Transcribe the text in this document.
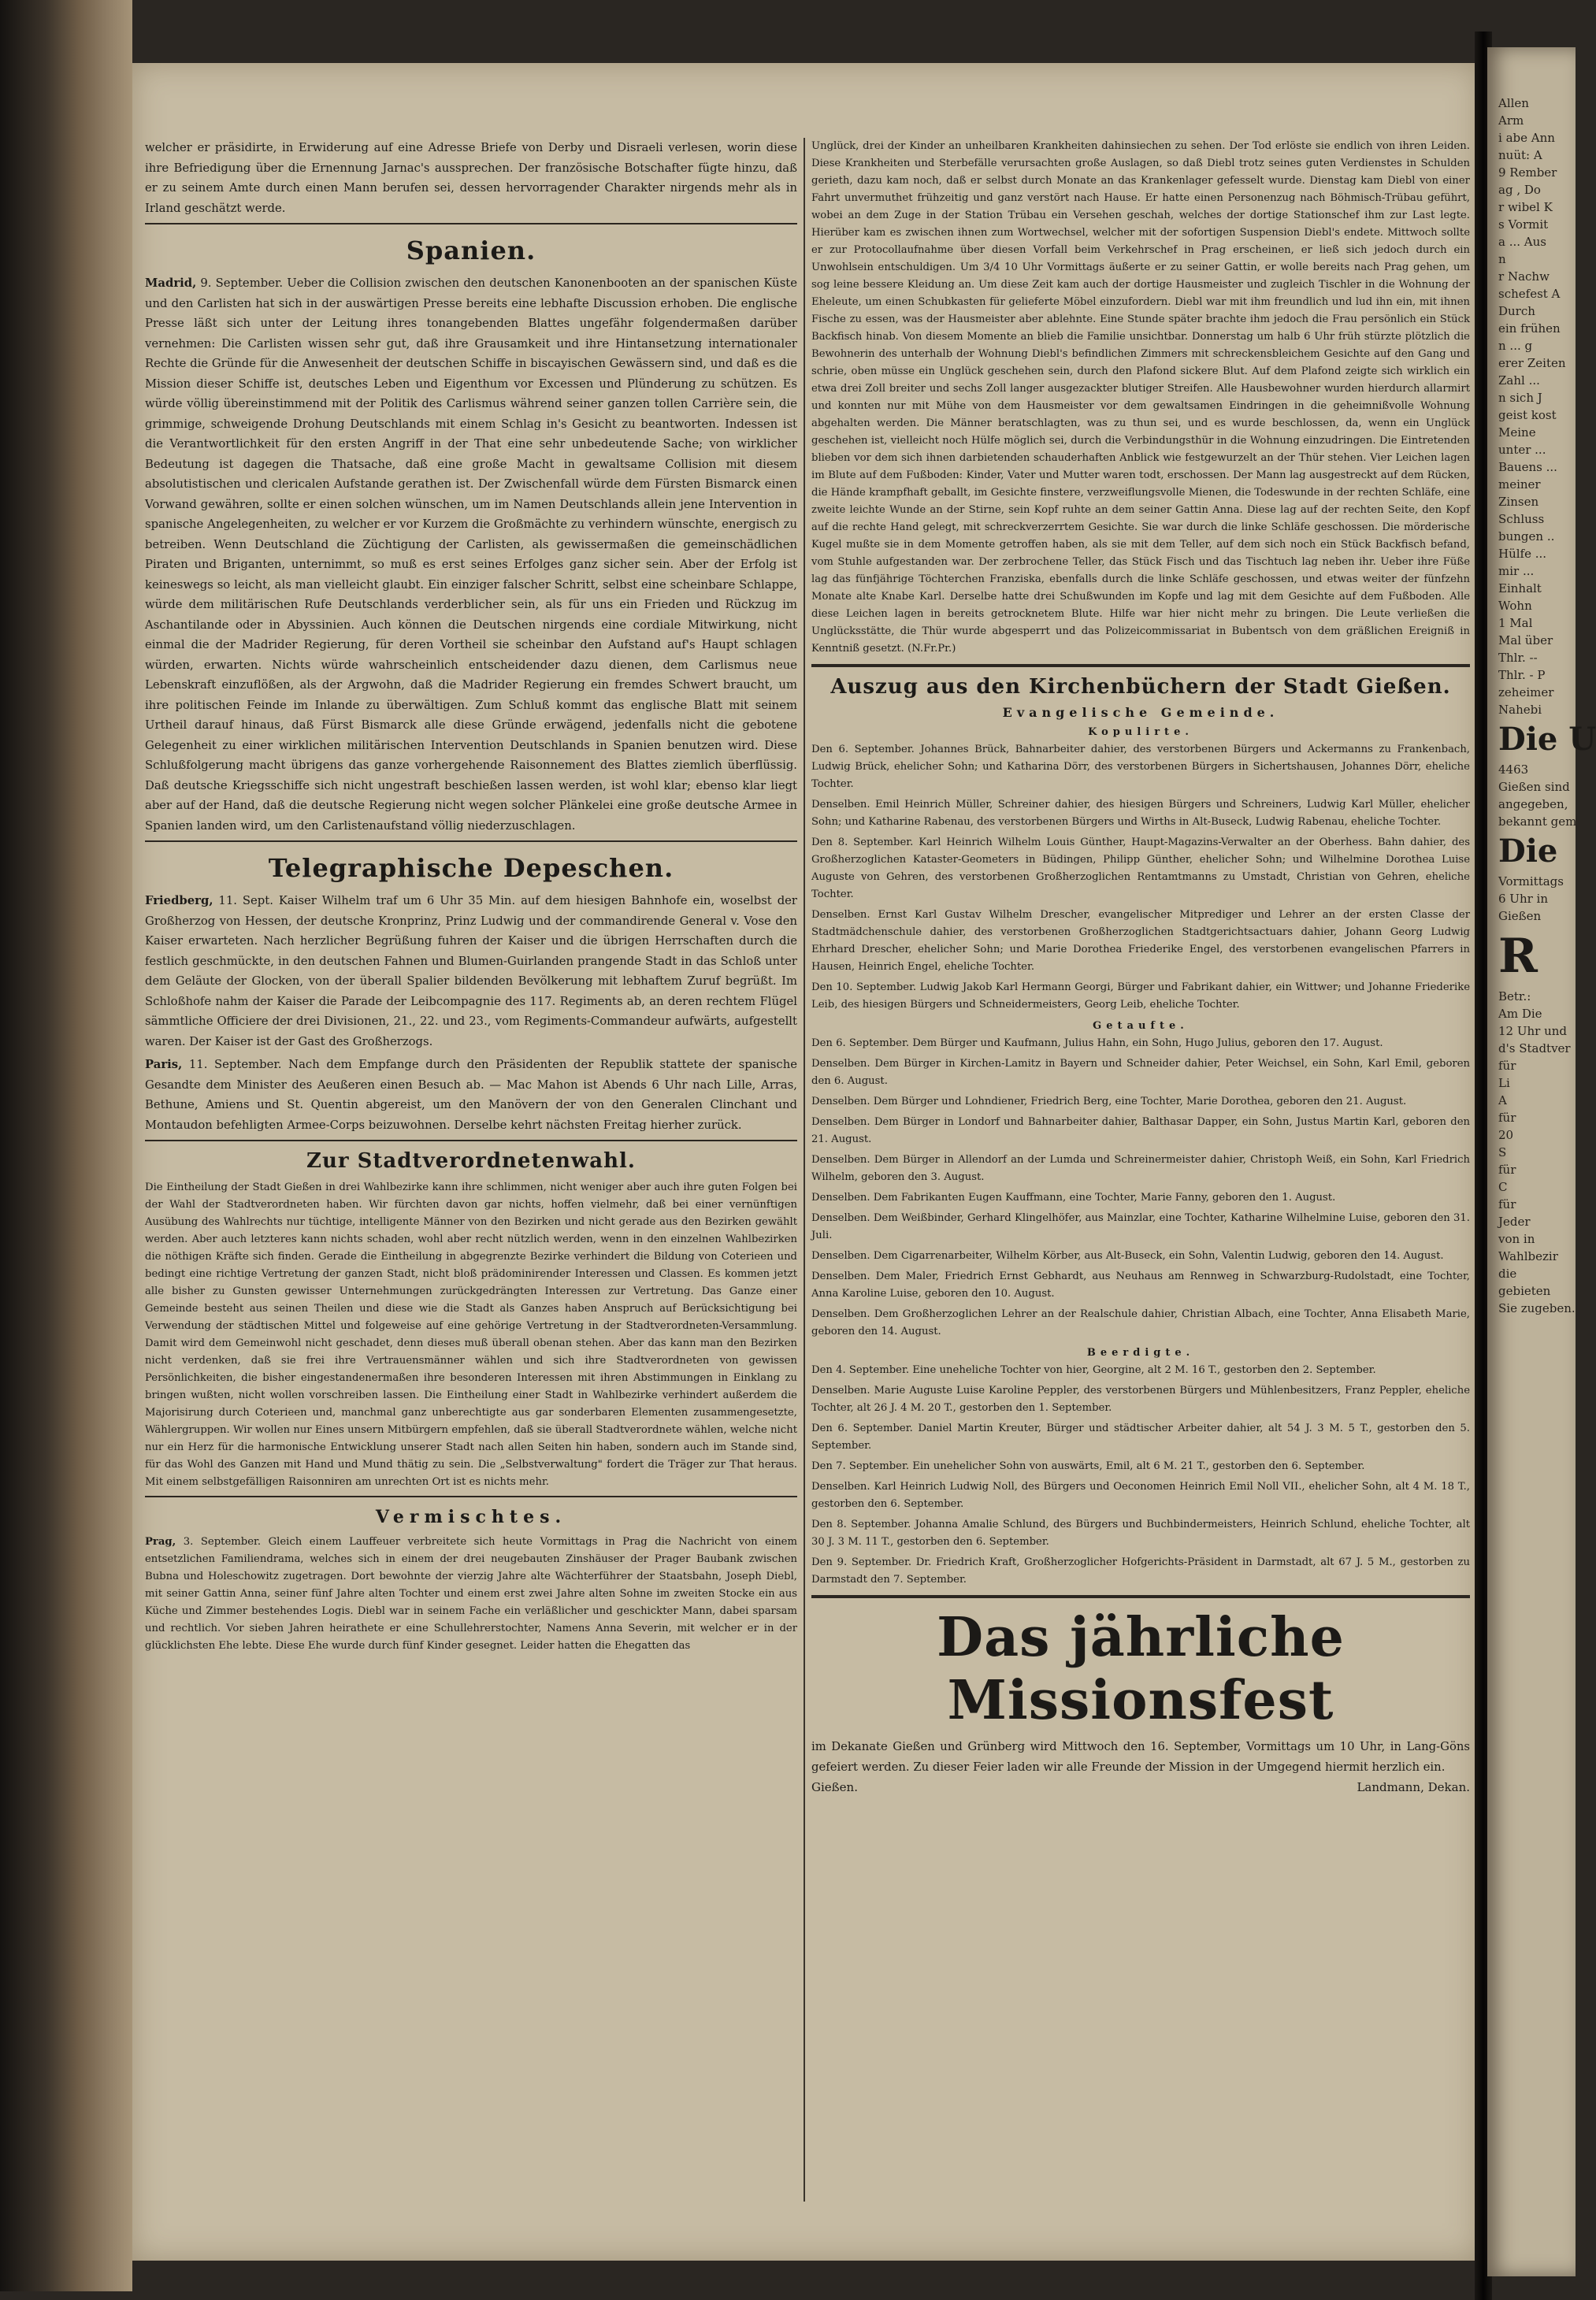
welcher er präsidirte, in Erwiderung auf eine Adresse Briefe von Derby und Disraeli verlesen, worin diese ihre Befriedigung über die Ernennung Jarnac's aussprechen. Der französische Botschafter fügte hinzu, daß er zu seinem Amte durch einen Mann berufen sei, dessen hervorragender Charakter nirgends mehr als in Irland geschätzt werde.

Spanien.

Madrid, 9. September. Ueber die Collision zwischen den deutschen Kanonenbooten an der spanischen Küste und den Carlisten hat sich in der auswärtigen Presse bereits eine lebhafte Discussion erhoben. Die englische Presse läßt sich unter der Leitung ihres tonangebenden Blattes ungefähr folgendermaßen darüber vernehmen: Die Carlisten wissen sehr gut, daß ihre Grausamkeit und ihre Hintansetzung internationaler Rechte die Gründe für die Anwesenheit der deutschen Schiffe in biscayischen Gewässern sind, und daß es die Mission dieser Schiffe ist, deutsches Leben und Eigenthum vor Excessen und Plünderung zu schützen. Es würde völlig übereinstimmend mit der Politik des Carlismus während seiner ganzen tollen Carrière sein, die grimmige, schweigende Drohung Deutschlands mit einem Schlag in's Gesicht zu beantworten. Indessen ist die Verantwortlichkeit für den ersten Angriff in der That eine sehr unbedeutende Sache; von wirklicher Bedeutung ist dagegen die Thatsache, daß eine große Macht in gewaltsame Collision mit diesem absolutistischen und clericalen Aufstande gerathen ist. Der Zwischenfall würde dem Fürsten Bismarck einen Vorwand gewähren, sollte er einen solchen wünschen, um im Namen Deutschlands allein jene Intervention in spanische Angelegenheiten, zu welcher er vor Kurzem die Großmächte zu verhindern wünschte, energisch zu betreiben. Wenn Deutschland die Züchtigung der Carlisten, als gewissermaßen die gemeinschädlichen Piraten und Briganten, unternimmt, so muß es erst seines Erfolges ganz sicher sein. Aber der Erfolg ist keineswegs so leicht, als man vielleicht glaubt. Ein einziger falscher Schritt, selbst eine scheinbare Schlappe, würde dem militärischen Rufe Deutschlands verderblicher sein, als für uns ein Frieden und Rückzug im Aschantilande oder in Abyssinien. Auch können die Deutschen nirgends eine cordiale Mitwirkung, nicht einmal die der Madrider Regierung, für deren Vortheil sie scheinbar den Aufstand auf's Haupt schlagen würden, erwarten. Nichts würde wahrscheinlich entscheidender dazu dienen, dem Carlismus neue Lebenskraft einzuflößen, als der Argwohn, daß die Madrider Regierung ein fremdes Schwert braucht, um ihre politischen Feinde im Inlande zu überwältigen. Zum Schluß kommt das englische Blatt mit seinem Urtheil darauf hinaus, daß Fürst Bismarck alle diese Gründe erwägend, jedenfalls nicht die gebotene Gelegenheit zu einer wirklichen militärischen Intervention Deutschlands in Spanien benutzen wird. Diese Schlußfolgerung macht übrigens das ganze vorhergehende Raisonnement des Blattes ziemlich überflüssig. Daß deutsche Kriegsschiffe sich nicht ungestraft beschießen lassen werden, ist wohl klar; ebenso klar liegt aber auf der Hand, daß die deutsche Regierung nicht wegen solcher Plänkelei eine große deutsche Armee in Spanien landen wird, um den Carlistenaufstand völlig niederzuschlagen.

Telegraphische Depeschen.

Friedberg, 11. Sept. Kaiser Wilhelm traf um 6 Uhr 35 Min. auf dem hiesigen Bahnhofe ein, woselbst der Großherzog von Hessen, der deutsche Kronprinz, Prinz Ludwig und der commandirende General v. Vose den Kaiser erwarteten. Nach herzlicher Begrüßung fuhren der Kaiser und die übrigen Herrschaften durch die festlich geschmückte, in den deutschen Fahnen und Blumen-Guirlanden prangende Stadt in das Schloß unter dem Geläute der Glocken, von der überall Spalier bildenden Bevölkerung mit lebhaftem Zuruf begrüßt. Im Schloßhofe nahm der Kaiser die Parade der Leibcompagnie des 117. Regiments ab, an deren rechtem Flügel sämmtliche Officiere der drei Divisionen, 21., 22. und 23., vom Regiments-Commandeur aufwärts, aufgestellt waren. Der Kaiser ist der Gast des Großherzogs.

Paris, 11. September. Nach dem Empfange durch den Präsidenten der Republik stattete der spanische Gesandte dem Minister des Aeußeren einen Besuch ab. — Mac Mahon ist Abends 6 Uhr nach Lille, Arras, Bethune, Amiens und St. Quentin abgereist, um den Manövern der von den Generalen Clinchant und Montaudon befehligten Armee-Corps beizuwohnen. Derselbe kehrt nächsten Freitag hierher zurück.

Zur Stadtverordnetenwahl.

Die Eintheilung der Stadt Gießen in drei Wahlbezirke kann ihre schlimmen, nicht weniger aber auch ihre guten Folgen bei der Wahl der Stadtverordneten haben. Wir fürchten davon gar nichts, hoffen vielmehr, daß bei einer vernünftigen Ausübung des Wahlrechts nur tüchtige, intelligente Männer von den Bezirken und nicht gerade aus den Bezirken gewählt werden. Aber auch letzteres kann nichts schaden, wohl aber recht nützlich werden, wenn in den einzelnen Wahlbezirken die nöthigen Kräfte sich finden. Gerade die Eintheilung in abgegrenzte Bezirke verhindert die Bildung von Coterieen und bedingt eine richtige Vertretung der ganzen Stadt, nicht bloß prädominirender Interessen und Classen. Es kommen jetzt alle bisher zu Gunsten gewisser Unternehmungen zurückgedrängten Interessen zur Vertretung. Das Ganze einer Gemeinde besteht aus seinen Theilen und diese wie die Stadt als Ganzes haben Anspruch auf Berücksichtigung bei Verwendung der städtischen Mittel und folgeweise auf eine gehörige Vertretung in der Stadtverordneten-Versammlung. Damit wird dem Gemeinwohl nicht geschadet, denn dieses muß überall obenan stehen. Aber das kann man den Bezirken nicht verdenken, daß sie frei ihre Vertrauensmänner wählen und sich ihre Stadtverordneten von gewissen Persönlichkeiten, die bisher eingestandenermaßen ihre besonderen Interessen mit ihren Abstimmungen in Einklang zu bringen wußten, nicht wollen vorschreiben lassen. Die Eintheilung einer Stadt in Wahlbezirke verhindert außerdem die Majorisirung durch Coterieen und, manchmal ganz unberechtigte aus gar sonderbaren Elementen zusammengesetzte, Wählergruppen. Wir wollen nur Eines unsern Mitbürgern empfehlen, daß sie überall Stadtverordnete wählen, welche nicht nur ein Herz für die harmonische Entwicklung unserer Stadt nach allen Seiten hin haben, sondern auch im Stande sind, für das Wohl des Ganzen mit Hand und Mund thätig zu sein. Die „Selbstverwaltung" fordert die Träger zur That heraus. Mit einem selbstgefälligen Raisonniren am unrechten Ort ist es nichts mehr.

Vermischtes.

Prag, 3. September. Gleich einem Lauffeuer verbreitete sich heute Vormittags in Prag die Nachricht von einem entsetzlichen Familiendrama, welches sich in einem der drei neugebauten Zinshäuser der Prager Baubank zwischen Bubna und Holeschowitz zugetragen. Dort bewohnte der vierzig Jahre alte Wächterführer der Staatsbahn, Joseph Diebl, mit seiner Gattin Anna, seiner fünf Jahre alten Tochter und einem erst zwei Jahre alten Sohne im zweiten Stocke ein aus Küche und Zimmer bestehendes Logis. Diebl war in seinem Fache ein verläßlicher und geschickter Mann, dabei sparsam und rechtlich. Vor sieben Jahren heirathete er eine Schullehrerstochter, Namens Anna Severin, mit welcher er in der glücklichsten Ehe lebte. Diese Ehe wurde durch fünf Kinder gesegnet. Leider hatten die Ehegatten das

Unglück, drei der Kinder an unheilbaren Krankheiten dahinsiechen zu sehen. Der Tod erlöste sie endlich von ihren Leiden. Diese Krankheiten und Sterbefälle verursachten große Auslagen, so daß Diebl trotz seines guten Verdienstes in Schulden gerieth, dazu kam noch, daß er selbst durch Monate an das Krankenlager gefesselt wurde. Dienstag kam Diebl von einer Fahrt unvermuthet frühzeitig und ganz verstört nach Hause. Er hatte einen Personenzug nach Böhmisch-Trübau geführt, wobei an dem Zuge in der Station Trübau ein Versehen geschah, welches der dortige Stationschef ihm zur Last legte. Hierüber kam es zwischen ihnen zum Wortwechsel, welcher mit der sofortigen Suspension Diebl's endete. Mittwoch sollte er zur Protocollaufnahme über diesen Vorfall beim Verkehrschef in Prag erscheinen, er ließ sich jedoch durch ein Unwohlsein entschuldigen. Um 3/4 10 Uhr Vormittags äußerte er zu seiner Gattin, er wolle bereits nach Prag gehen, um sog leine bessere Kleidung an. Um diese Zeit kam auch der dortige Hausmeister und zugleich Tischler in die Wohnung der Eheleute, um einen Schubkasten für gelieferte Möbel einzufordern. Diebl war mit ihm freundlich und lud ihn ein, mit ihnen Fische zu essen, was der Hausmeister aber ablehnte. Eine Stunde später brachte ihm jedoch die Frau persönlich ein Stück Backfisch hinab. Von diesem Momente an blieb die Familie unsichtbar. Donnerstag um halb 6 Uhr früh stürzte plötzlich die Bewohnerin des unterhalb der Wohnung Diebl's befindlichen Zimmers mit schreckensbleichem Gesichte auf den Gang und schrie, oben müsse ein Unglück geschehen sein, durch den Plafond sickere Blut. Auf dem Plafond zeigte sich wirklich ein etwa drei Zoll breiter und sechs Zoll langer ausgezackter blutiger Streifen. Alle Hausbewohner wurden hierdurch allarmirt und konnten nur mit Mühe von dem Hausmeister vor dem gewaltsamen Eindringen in die geheimnißvolle Wohnung abgehalten werden. Die Männer beratschlagten, was zu thun sei, und es wurde beschlossen, da, wenn ein Unglück geschehen ist, vielleicht noch Hülfe möglich sei, durch die Verbindungsthür in die Wohnung einzudringen. Die Eintretenden blieben vor dem sich ihnen darbietenden schauderhaften Anblick wie festgewurzelt an der Thür stehen. Vier Leichen lagen im Blute auf dem Fußboden: Kinder, Vater und Mutter waren todt, erschossen. Der Mann lag ausgestreckt auf dem Rücken, die Hände krampfhaft geballt, im Gesichte finstere, verzweiflungsvolle Mienen, die Todeswunde in der rechten Schläfe, eine zweite leichte Wunde an der Stirne, sein Kopf ruhte an dem seiner Gattin Anna. Diese lag auf der rechten Seite, den Kopf auf die rechte Hand gelegt, mit schreckverzerrtem Gesichte. Sie war durch die linke Schläfe geschossen. Die mörderische Kugel mußte sie in dem Momente getroffen haben, als sie mit dem Teller, auf dem sich noch ein Stück Backfisch befand, vom Stuhle aufgestanden war. Der zerbrochene Teller, das Stück Fisch und das Tischtuch lag neben ihr. Ueber ihre Füße lag das fünfjährige Töchterchen Franziska, ebenfalls durch die linke Schläfe geschossen, und etwas weiter der fünfzehn Monate alte Knabe Karl. Derselbe hatte drei Schußwunden im Kopfe und lag mit dem Gesichte auf dem Fußboden. Alle diese Leichen lagen in bereits getrocknetem Blute. Hilfe war hier nicht mehr zu bringen. Die Leute verließen die Unglücksstätte, die Thür wurde abgesperrt und das Polizeicommissariat in Bubentsch von dem gräßlichen Ereigniß in Kenntniß gesetzt. (N.Fr.Pr.)

Auszug aus den Kirchenbüchern der Stadt Gießen.
Evangelische Gemeinde.
Kopulirte.

Den 6. September. Johannes Brück, Bahnarbeiter dahier, des verstorbenen Bürgers und Ackermanns zu Frankenbach, Ludwig Brück, ehelicher Sohn; und Katharina Dörr, des verstorbenen Bürgers in Sichertshausen, Johannes Dörr, eheliche Tochter.

Denselben. Emil Heinrich Müller, Schreiner dahier, des hiesigen Bürgers und Schreiners, Ludwig Karl Müller, ehelicher Sohn; und Katharine Rabenau, des verstorbenen Bürgers und Wirths in Alt-Buseck, Ludwig Rabenau, eheliche Tochter.

Den 8. September. Karl Heinrich Wilhelm Louis Günther, Haupt-Magazins-Verwalter an der Oberhess. Bahn dahier, des Großherzoglichen Kataster-Geometers in Büdingen, Philipp Günther, ehelicher Sohn; und Wilhelmine Dorothea Luise Auguste von Gehren, des verstorbenen Großherzoglichen Rentamtmanns zu Umstadt, Christian von Gehren, eheliche Tochter.

Denselben. Ernst Karl Gustav Wilhelm Drescher, evangelischer Mitprediger und Lehrer an der ersten Classe der Stadtmädchenschule dahier, des verstorbenen Großherzoglichen Stadtgerichtsactuars dahier, Johann Georg Ludwig Ehrhard Drescher, ehelicher Sohn; und Marie Dorothea Friederike Engel, des verstorbenen evangelischen Pfarrers in Hausen, Heinrich Engel, eheliche Tochter.

Den 10. September. Ludwig Jakob Karl Hermann Georgi, Bürger und Fabrikant dahier, ein Wittwer; und Johanne Friederike Leib, des hiesigen Bürgers und Schneidermeisters, Georg Leib, eheliche Tochter.

Getaufte.

Den 6. September. Dem Bürger und Kaufmann, Julius Hahn, ein Sohn, Hugo Julius, geboren den 17. August.

Denselben. Dem Bürger in Kirchen-Lamitz in Bayern und Schneider dahier, Peter Weichsel, ein Sohn, Karl Emil, geboren den 6. August.

Denselben. Dem Bürger und Lohndiener, Friedrich Berg, eine Tochter, Marie Dorothea, geboren den 21. August.

Denselben. Dem Bürger in Londorf und Bahnarbeiter dahier, Balthasar Dapper, ein Sohn, Justus Martin Karl, geboren den 21. August.

Denselben. Dem Bürger in Allendorf an der Lumda und Schreinermeister dahier, Christoph Weiß, ein Sohn, Karl Friedrich Wilhelm, geboren den 3. August.

Denselben. Dem Fabrikanten Eugen Kauffmann, eine Tochter, Marie Fanny, geboren den 1. August.

Denselben. Dem Weißbinder, Gerhard Klingelhöfer, aus Mainzlar, eine Tochter, Katharine Wilhelmine Luise, geboren den 31. Juli.

Denselben. Dem Cigarrenarbeiter, Wilhelm Körber, aus Alt-Buseck, ein Sohn, Valentin Ludwig, geboren den 14. August.

Denselben. Dem Maler, Friedrich Ernst Gebhardt, aus Neuhaus am Rennweg in Schwarzburg-Rudolstadt, eine Tochter, Anna Karoline Luise, geboren den 10. August.

Denselben. Dem Großherzoglichen Lehrer an der Realschule dahier, Christian Albach, eine Tochter, Anna Elisabeth Marie, geboren den 14. August.

Beerdigte.

Den 4. September. Eine uneheliche Tochter von hier, Georgine, alt 2 M. 16 T., gestorben den 2. September.

Denselben. Marie Auguste Luise Karoline Peppler, des verstorbenen Bürgers und Mühlenbesitzers, Franz Peppler, eheliche Tochter, alt 26 J. 4 M. 20 T., gestorben den 1. September.

Den 6. September. Daniel Martin Kreuter, Bürger und städtischer Arbeiter dahier, alt 54 J. 3 M. 5 T., gestorben den 5. September.

Den 7. September. Ein unehelicher Sohn von auswärts, Emil, alt 6 M. 21 T., gestorben den 6. September.

Denselben. Karl Heinrich Ludwig Noll, des Bürgers und Oeconomen Heinrich Emil Noll VII., ehelicher Sohn, alt 4 M. 18 T., gestorben den 6. September.

Den 8. September. Johanna Amalie Schlund, des Bürgers und Buchbindermeisters, Heinrich Schlund, eheliche Tochter, alt 30 J. 3 M. 11 T., gestorben den 6. September.

Den 9. September. Dr. Friedrich Kraft, Großherzoglicher Hofgerichts-Präsident in Darmstadt, alt 67 J. 5 M., gestorben zu Darmstadt den 7. September.

Das jährliche Missionsfest

im Dekanate Gießen und Grünberg wird Mittwoch den 16. September, Vormittags um 10 Uhr, in Lang-Göns gefeiert werden. Zu dieser Feier laden wir alle Freunde der Mission in der Umgegend hiermit herzlich ein.

Gießen.	Landmann, Dekan.
Allen
Arm
i abe Ann
nuüt: A
9 Rember
ag , Do
r wibel K
s Vormit
a ... Aus
n
r Nachw
schefest A
Durch
ein frühen
n ... g
erer Zeiten
Zahl ...
n sich J
geist kost
Meine
unter ...
Bauens ...
meiner
Zinsen
Schluss
bungen ..
Hülfe ...
mir ...
Einhalt
Wohn
1 Mal
Mal über
Thlr. --
Thlr. - P
zeheimer
Nahebi
Die U
4463
Gießen sind
angegeben,
bekannt gem
Die
Vormittags
6 Uhr in
Gießen
R
Betr.:
Am Die
12 Uhr und
d's Stadtver
für
Li
A
für
20
S
für
C
für
Jeder
von in
Wahlbezir
die
gebieten
Sie zugeben.
